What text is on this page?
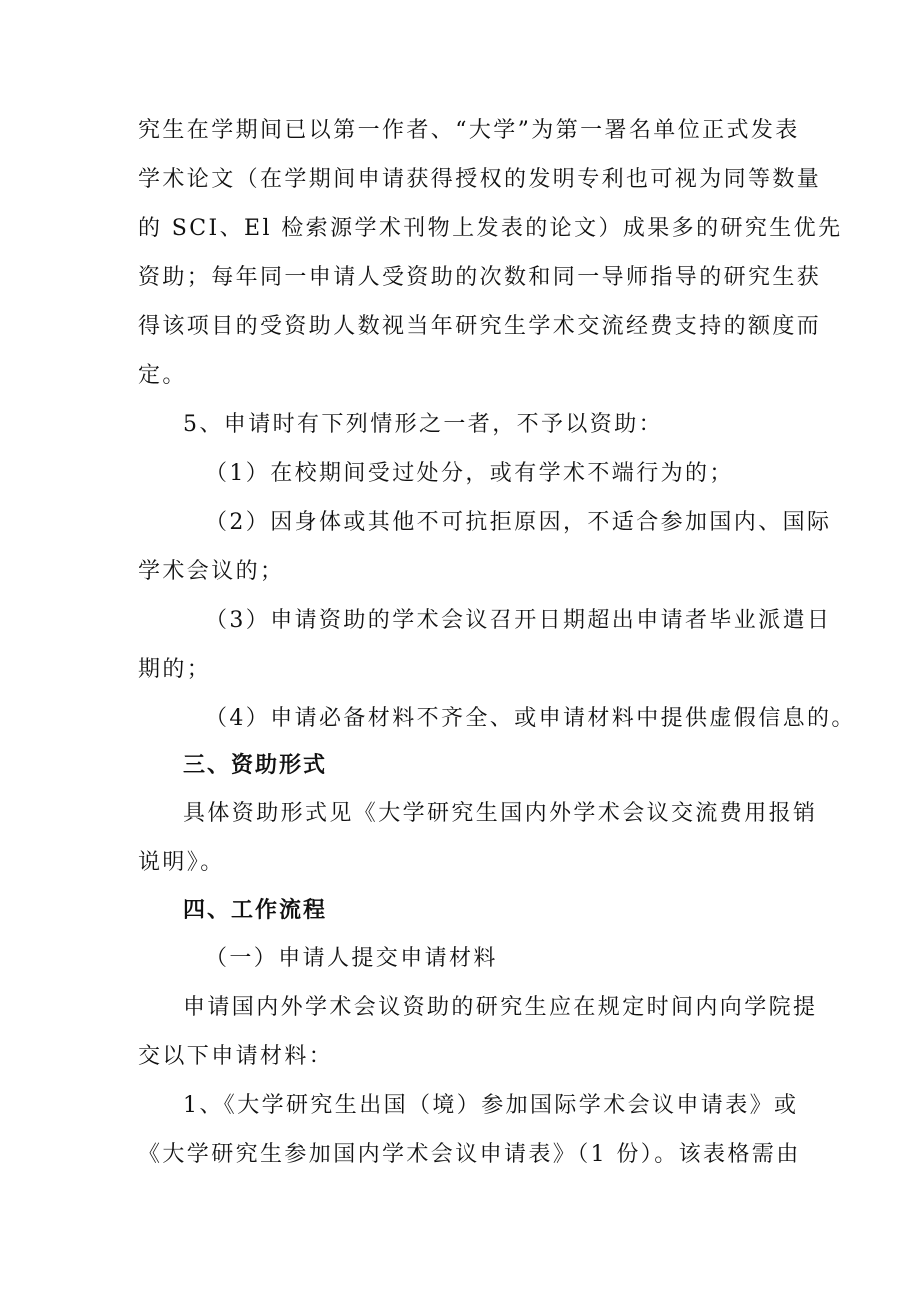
究生在学期间已以第一作者、“大学”为第一署名单位正式发表
学术论文（在学期间申请获得授权的发明专利也可视为同等数量
的 SCI、El 检索源学术刊物上发表的论文）成果多的研究生优先
资助；每年同一申请人受资助的次数和同一导师指导的研究生获
得该项目的受资助人数视当年研究生学术交流经费支持的额度而
定。
5、申请时有下列情形之一者，不予以资助：
（1）在校期间受过处分，或有学术不端行为的；
（2）因身体或其他不可抗拒原因，不适合参加国内、国际
学术会议的；
（3）申请资助的学术会议召开日期超出申请者毕业派遣日
期的；
（4）申请必备材料不齐全、或申请材料中提供虚假信息的。
三、资助形式
具体资助形式见《大学研究生国内外学术会议交流费用报销
说明》。
四、工作流程
（一）申请人提交申请材料
申请国内外学术会议资助的研究生应在规定时间内向学院提
交以下申请材料：
1、《大学研究生出国（境）参加国际学术会议申请表》或
《大学研究生参加国内学术会议申请表》（1 份）。该表格需由
